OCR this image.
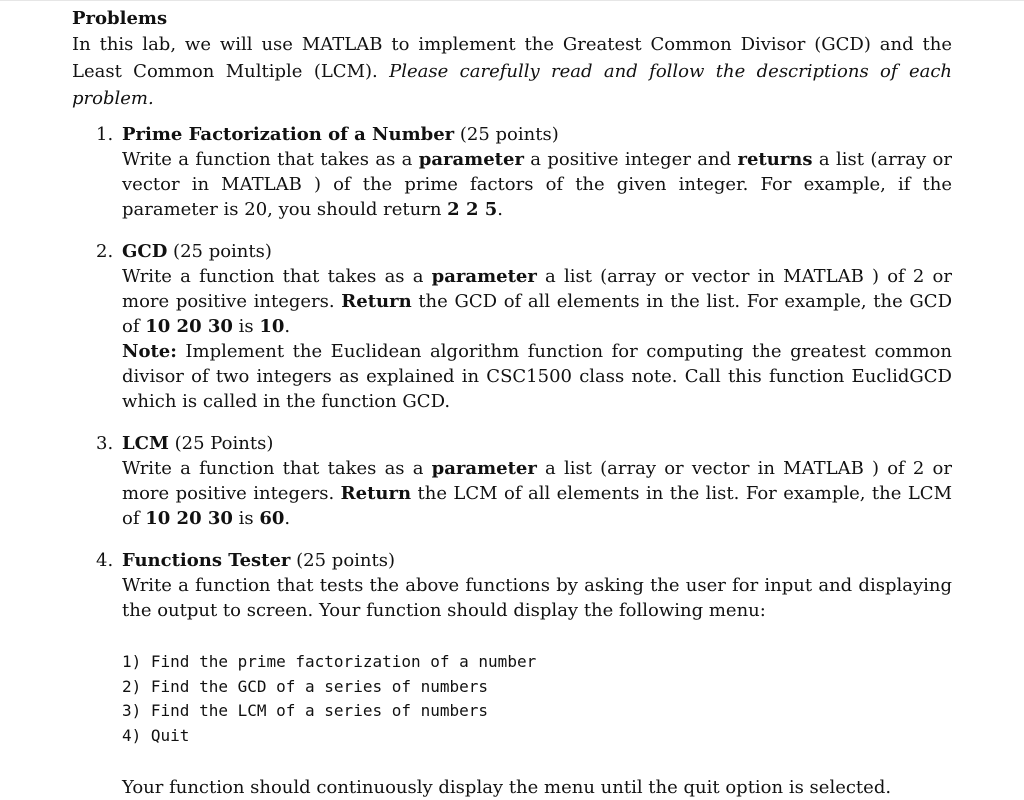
Problems

In this lab, we will use MATLAB to implement the Greatest Common Divisor (GCD) and the Least Common Multiple (LCM). Please carefully read and follow the descriptions of each problem.

1. Prime Factorization of a Number (25 points)

Write a function that takes as a parameter a positive integer and returns a list (array or vector in MATLAB ) of the prime factors of the given integer. For example, if the parameter is 20, you should return 2 2 5.

2. GCD (25 points)

Write a function that takes as a parameter a list (array or vector in MATLAB ) of 2 or more positive integers. Return the GCD of all elements in the list. For example, the GCD of 10 20 30 is 10.

Note: Implement the Euclidean algorithm function for computing the greatest common divisor of two integers as explained in CSC1500 class note. Call this function EuclidGCD which is called in the function GCD.

3. LCM (25 Points)

Write a function that takes as a parameter a list (array or vector in MATLAB ) of 2 or more positive integers. Return the LCM of all elements in the list. For example, the LCM of 10 20 30 is 60.

4. Functions Tester (25 points)

Write a function that tests the above functions by asking the user for input and displaying the output to screen. Your function should display the following menu:

1) Find the prime factorization of a number
2) Find the GCD of a series of numbers
3) Find the LCM of a series of numbers
4) Quit

Your function should continuously display the menu until the quit option is selected.
